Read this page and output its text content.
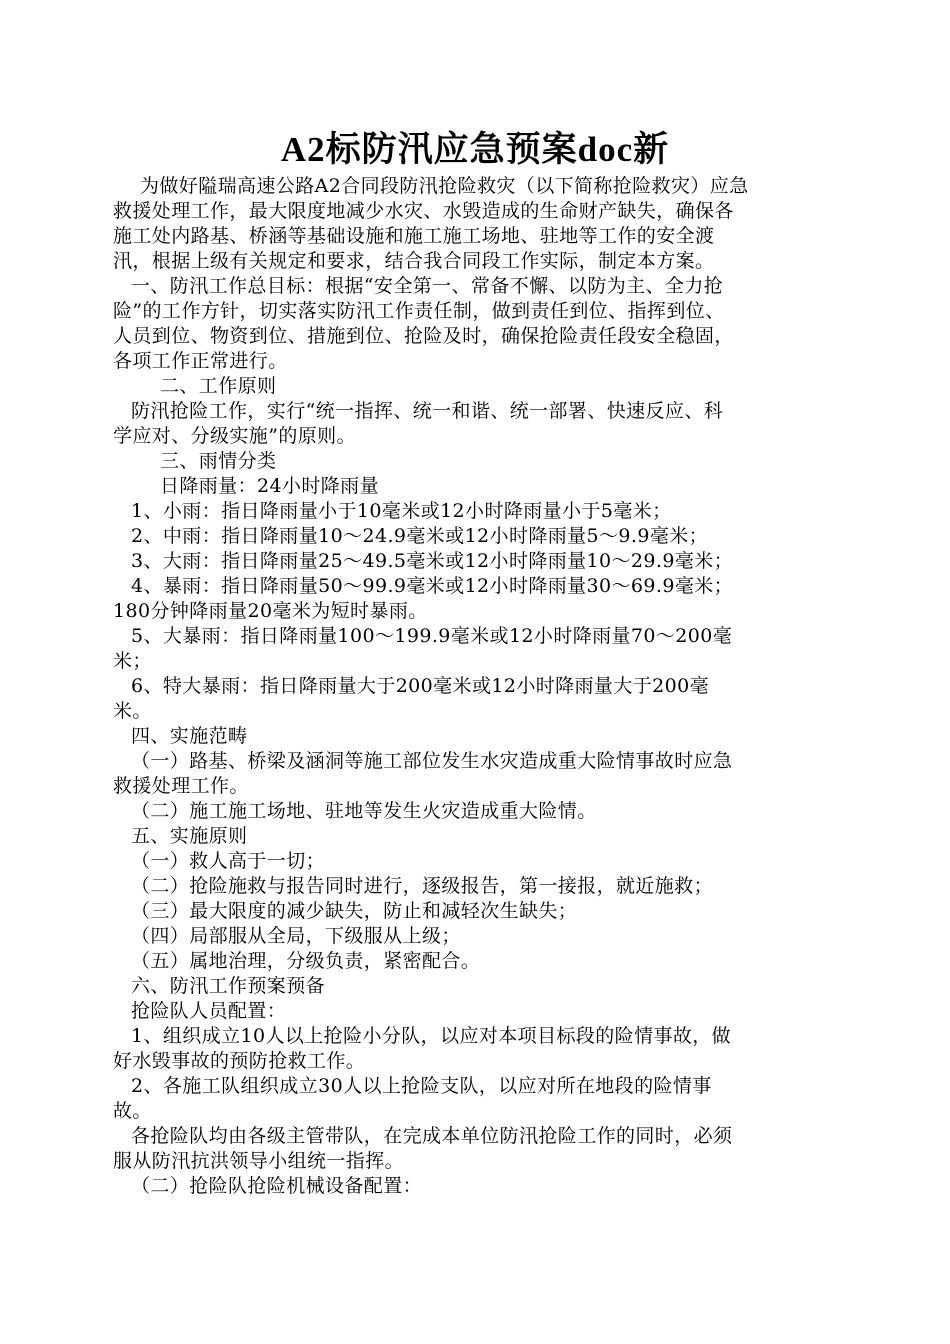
A2标防汛应急预案doc新
为做好隘瑞高速公路A2合同段防汛抢险救灾（以下简称抢险救灾）应急
救援处理工作，最大限度地减少水灾、水毁造成的生命财产缺失，确保各
施工处内路基、桥涵等基础设施和施工施工场地、驻地等工作的安全渡
汛，根据上级有关规定和要求，结合我合同段工作实际，制定本方案。
一、防汛工作总目标：根据“安全第一、常备不懈、以防为主、全力抢
险”的工作方针，切实落实防汛工作责任制，做到责任到位、指挥到位、
人员到位、物资到位、措施到位、抢险及时，确保抢险责任段安全稳固，
各项工作正常进行。
二、工作原则
防汛抢险工作，实行“统一指挥、统一和谐、统一部署、快速反应、科
学应对、分级实施”的原则。
三、雨情分类
日降雨量：24小时降雨量
1、小雨：指日降雨量小于10毫米或12小时降雨量小于5毫米；
2、中雨：指日降雨量10～24.9毫米或12小时降雨量5～9.9毫米；
3、大雨：指日降雨量25～49.5毫米或12小时降雨量10～29.9毫米；
4、暴雨：指日降雨量50～99.9毫米或12小时降雨量30～69.9毫米；
180分钟降雨量20毫米为短时暴雨。
5、大暴雨：指日降雨量100～199.9毫米或12小时降雨量70～200毫
米；
6、特大暴雨：指日降雨量大于200毫米或12小时降雨量大于200毫
米。
四、实施范畴
（一）路基、桥梁及涵洞等施工部位发生水灾造成重大险情事故时应急
救援处理工作。
（二）施工施工场地、驻地等发生火灾造成重大险情。
五、实施原则
（一）救人高于一切；
（二）抢险施救与报告同时进行，逐级报告，第一接报，就近施救；
（三）最大限度的减少缺失，防止和减轻次生缺失；
（四）局部服从全局，下级服从上级；
（五）属地治理，分级负责，紧密配合。
六、防汛工作预案预备
抢险队人员配置：
1、组织成立10人以上抢险小分队，以应对本项目标段的险情事故，做
好水毁事故的预防抢救工作。
2、各施工队组织成立30人以上抢险支队，以应对所在地段的险情事
故。
各抢险队均由各级主管带队，在完成本单位防汛抢险工作的同时，必须
服从防汛抗洪领导小组统一指挥。
（二）抢险队抢险机械设备配置：
